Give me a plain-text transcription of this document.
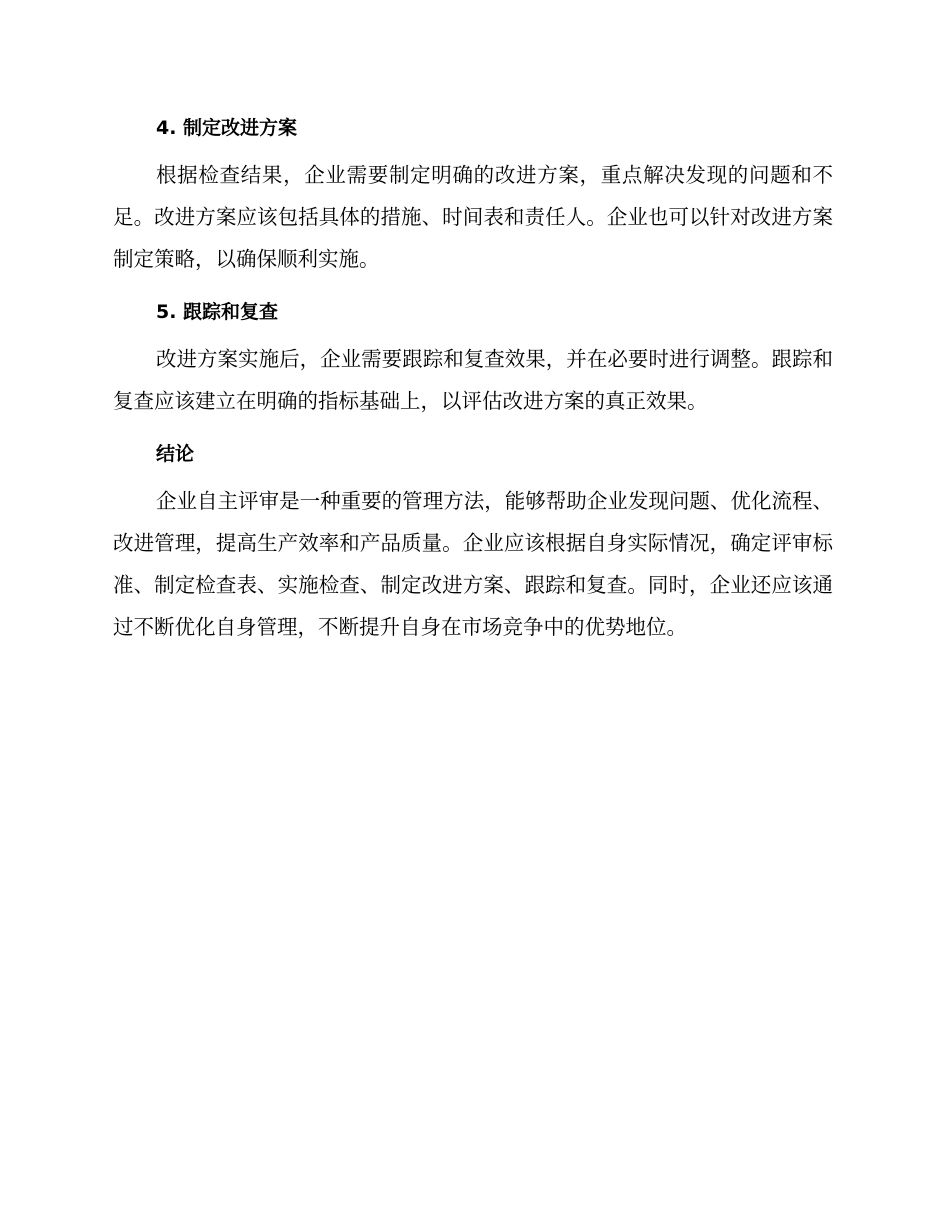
4. 制定改进方案

根据检查结果，企业需要制定明确的改进方案，重点解决发现的问题和不足。改进方案应该包括具体的措施、时间表和责任人。企业也可以针对改进方案制定策略，以确保顺利实施。

5. 跟踪和复查

改进方案实施后，企业需要跟踪和复查效果，并在必要时进行调整。跟踪和复查应该建立在明确的指标基础上，以评估改进方案的真正效果。

结论

企业自主评审是一种重要的管理方法，能够帮助企业发现问题、优化流程、改进管理，提高生产效率和产品质量。企业应该根据自身实际情况，确定评审标准、制定检查表、实施检查、制定改进方案、跟踪和复查。同时，企业还应该通过不断优化自身管理，不断提升自身在市场竞争中的优势地位。
